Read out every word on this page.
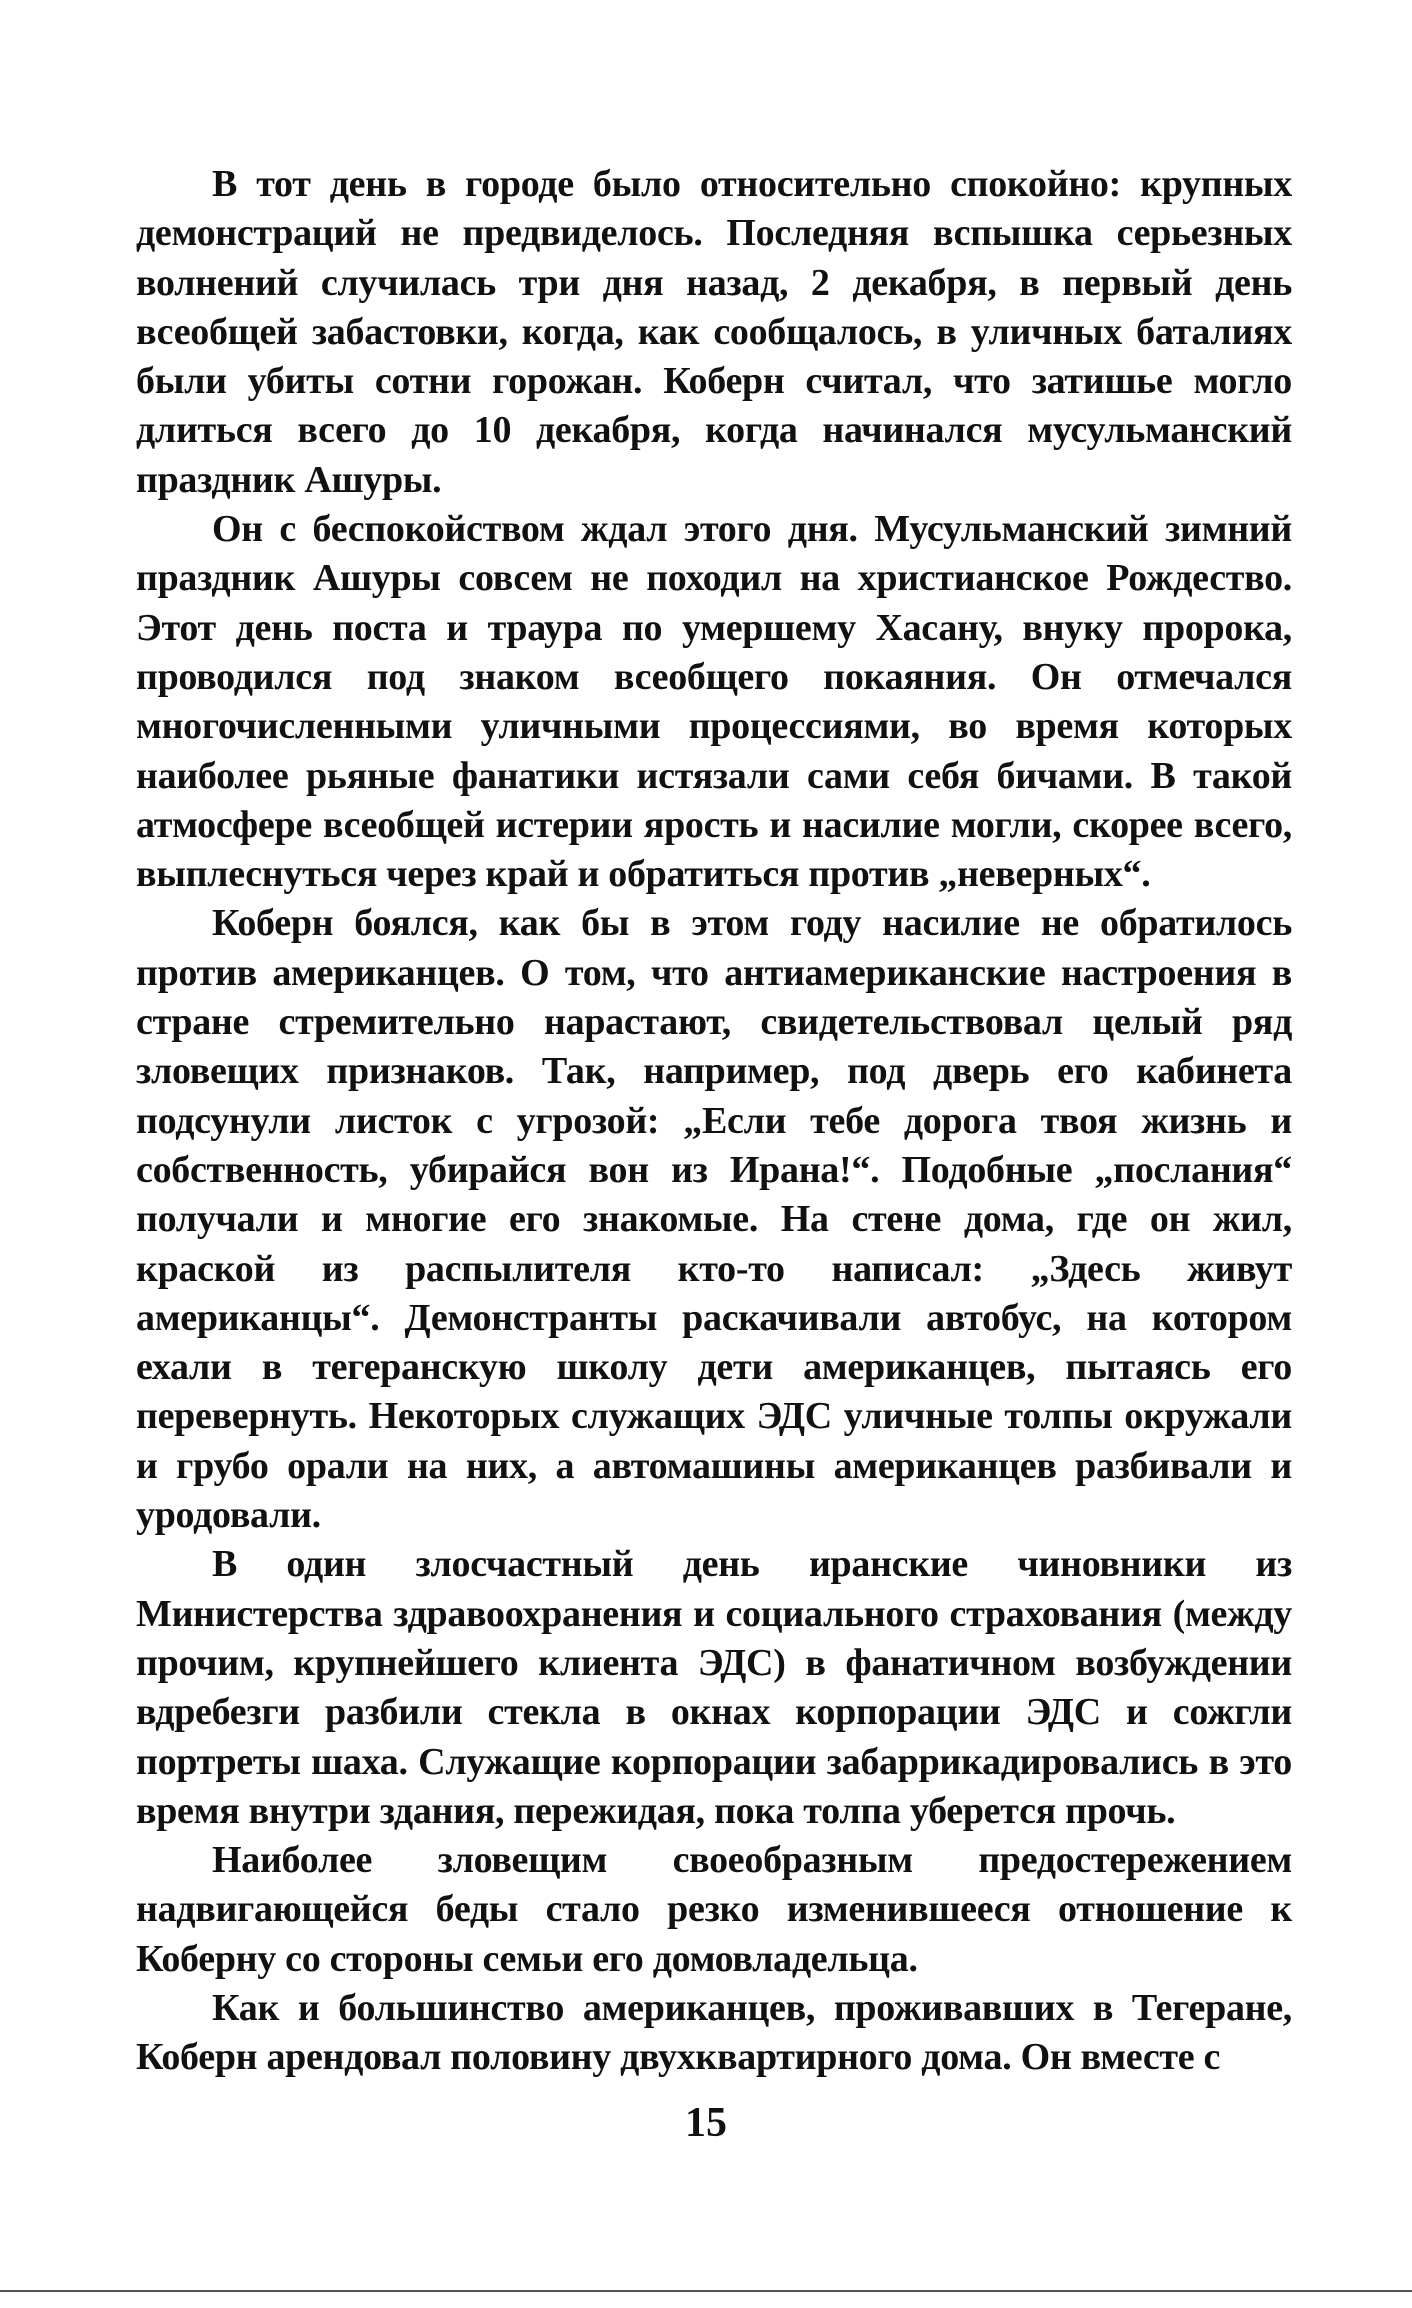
В тот день в городе было относительно спокойно: крупных демонстраций не предвиделось. Последняя вспышка серьезных волнений случилась три дня назад, 2 декабря, в первый день всеобщей забастовки, когда, как сообщалось, в уличных баталиях были убиты сотни горожан. Коберн считал, что затишье могло длиться всего до 10 декабря, когда начинался мусульманский праздник Ашуры.

Он с беспокойством ждал этого дня. Мусульманский зимний праздник Ашуры совсем не походил на христианское Рождество. Этот день поста и траура по умершему Хасану, внуку пророка, проводился под знаком всеобщего покаяния. Он отмечался многочисленными уличными процессиями, во время которых наиболее рьяные фанатики истязали сами себя бичами. В такой атмосфере всеобщей истерии ярость и насилие могли, скорее всего, выплеснуться через край и обратиться против „неверных“.

Коберн боялся, как бы в этом году насилие не обратилось против американцев. О том, что антиамериканские настроения в стране стремительно нарастают, свидетельствовал целый ряд зловещих признаков. Так, например, под дверь его кабинета подсунули листок с угрозой: „Если тебе дорога твоя жизнь и собственность, убирайся вон из Ирана!“. Подобные „послания“ получали и многие его знакомые. На стене дома, где он жил, краской из распылителя кто-то написал: „Здесь живут американцы“. Демонстранты раскачивали автобус, на котором ехали в тегеранскую школу дети американцев, пытаясь его перевернуть. Некоторых служащих ЭДС уличные толпы окружали и грубо орали на них, а автомашины американцев разбивали и уродовали.

В один злосчастный день иранские чиновники из Министерства здравоохранения и социального страхования (между прочим, крупнейшего клиента ЭДС) в фанатичном возбуждении вдребезги разбили стекла в окнах корпорации ЭДС и сожгли портреты шаха. Служащие корпорации забаррикадировались в это время внутри здания, пережидая, пока толпа уберется прочь.

Наиболее зловещим своеобразным предостережением надвигающейся беды стало резко изменившееся отношение к Коберну со стороны семьи его домовладельца.

Как и большинство американцев, проживавших в Тегеране, Коберн арендовал половину двухквартирного дома. Он вместе с

15
